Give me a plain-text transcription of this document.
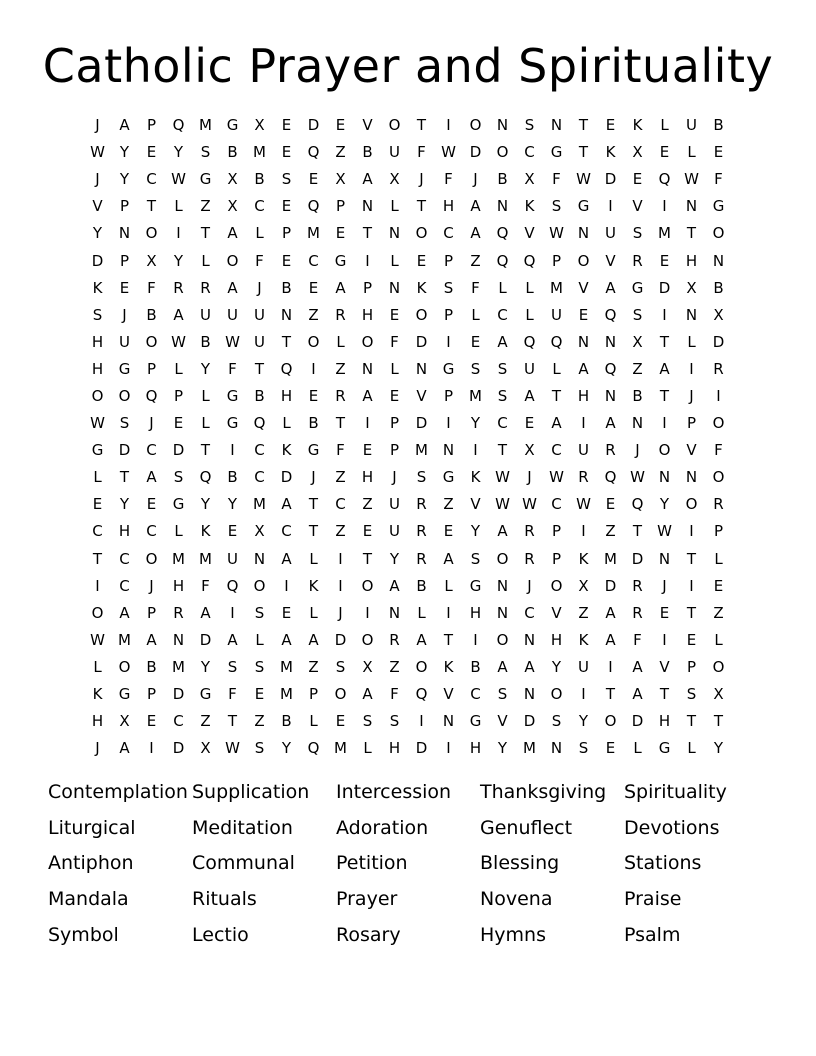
Catholic Prayer and Spirituality
J	A	P	Q M G	X	E	D	E	V	O	T	I	O	N	S	N	T	E	K	L	U	B
W Y	E	Y	S	B	M	E	Q	Z	B	U	F	W D	O	C	G	T	K	X	E	L	E
J	Y	C W G	X	B	S	E	X	A	X	J	F	J	B	X	F	W D	E	Q W	F
V	P	T	L	Z	X	C	E	Q	P	N	L	T	H	A	N	K	S	G	I	V	I	N	G
Y	N	O	I	T	A	L	P	M	E	T	N	O	C	A	Q	V W N	U	S	M	T	O
D	P	X	Y	L	O	F	E	C	G	I	L	E	P	Z	Q	Q	P	O	V	R	E	H	N
K	E	F	R	R	A	J	B	E	A	P	N	K	S	F	L	L	M	V	A	G	D	X	B
S	J	B	A	U	U	U	N	Z	R	H	E	O	P	L	C	L	U	E	Q	S	I	N	X
H	U	O W B W U	T	O	L	O	F	D	I	E	A	Q	Q	N	N	X	T	L	D
H	G	P	L	Y	F	T	Q	I	Z	N	L	N	G	S	S	U	L	A	Q	Z	A	I	R
O	O	Q	P	L	G	B	H	E	R	A	E	V	P	M	S	A	T	H	N	B	T	J	I
W S	J	E	L	G	Q	L	B	T	I	P	D	I	Y	C	E	A	I	A	N	I	P	O
G	D	C	D	T	I	C	K	G	F	E	P	M N	I	T	X	C	U	R	J	O	V	F
L	T	A	S	Q	B	C	D	J	Z	H	J	S	G	K W	J	W R	Q W N	N	O
E	Y	E	G	Y	Y	M	A	T	C	Z	U	R	Z	V W W C W E	Q	Y	O	R
C	H	C	L	K	E	X	C	T	Z	E	U	R	E	Y	A	R	P	I	Z	T	W	I	P
T	C	O M M	U	N	A	L	I	T	Y	R	A	S	O	R	P	K	M D	N	T	L
I	C	J	H	F	Q	O	I	K	I	O	A	B	L	G	N	J	O	X	D	R	J	I	E
O	A	P	R	A	I	S	E	L	J	I	N	L	I	H	N	C	V	Z	A	R	E	T	Z
W M	A	N	D	A	L	A	A	D	O	R	A	T	I	O	N	H	K	A	F	I	E	L
L	O	B	M	Y	S	S	M	Z	S	X	Z	O	K	B	A	A	Y	U	I	A	V	P	O
K	G	P	D	G	F	E	M	P	O	A	F	Q	V	C	S	N	O	I	T	A	T	S	X
H	X	E	C	Z	T	Z	B	L	E	S	S	I	N	G	V	D	S	Y	O	D	H	T	T
J	A	I	D	X W S	Y	Q M	L	H	D	I	H	Y	M N	S	E	L	G	L	Y
Contemplation Supplication	Intercession	Thanksgiving Spirituality
Liturgical	Meditation	Adoration	Genuflect	Devotions
Antiphon	Communal	Petition	Blessing	Stations
Mandala	Rituals	Prayer	Novena	Praise
Symbol	Lectio	Rosary	Hymns	Psalm
